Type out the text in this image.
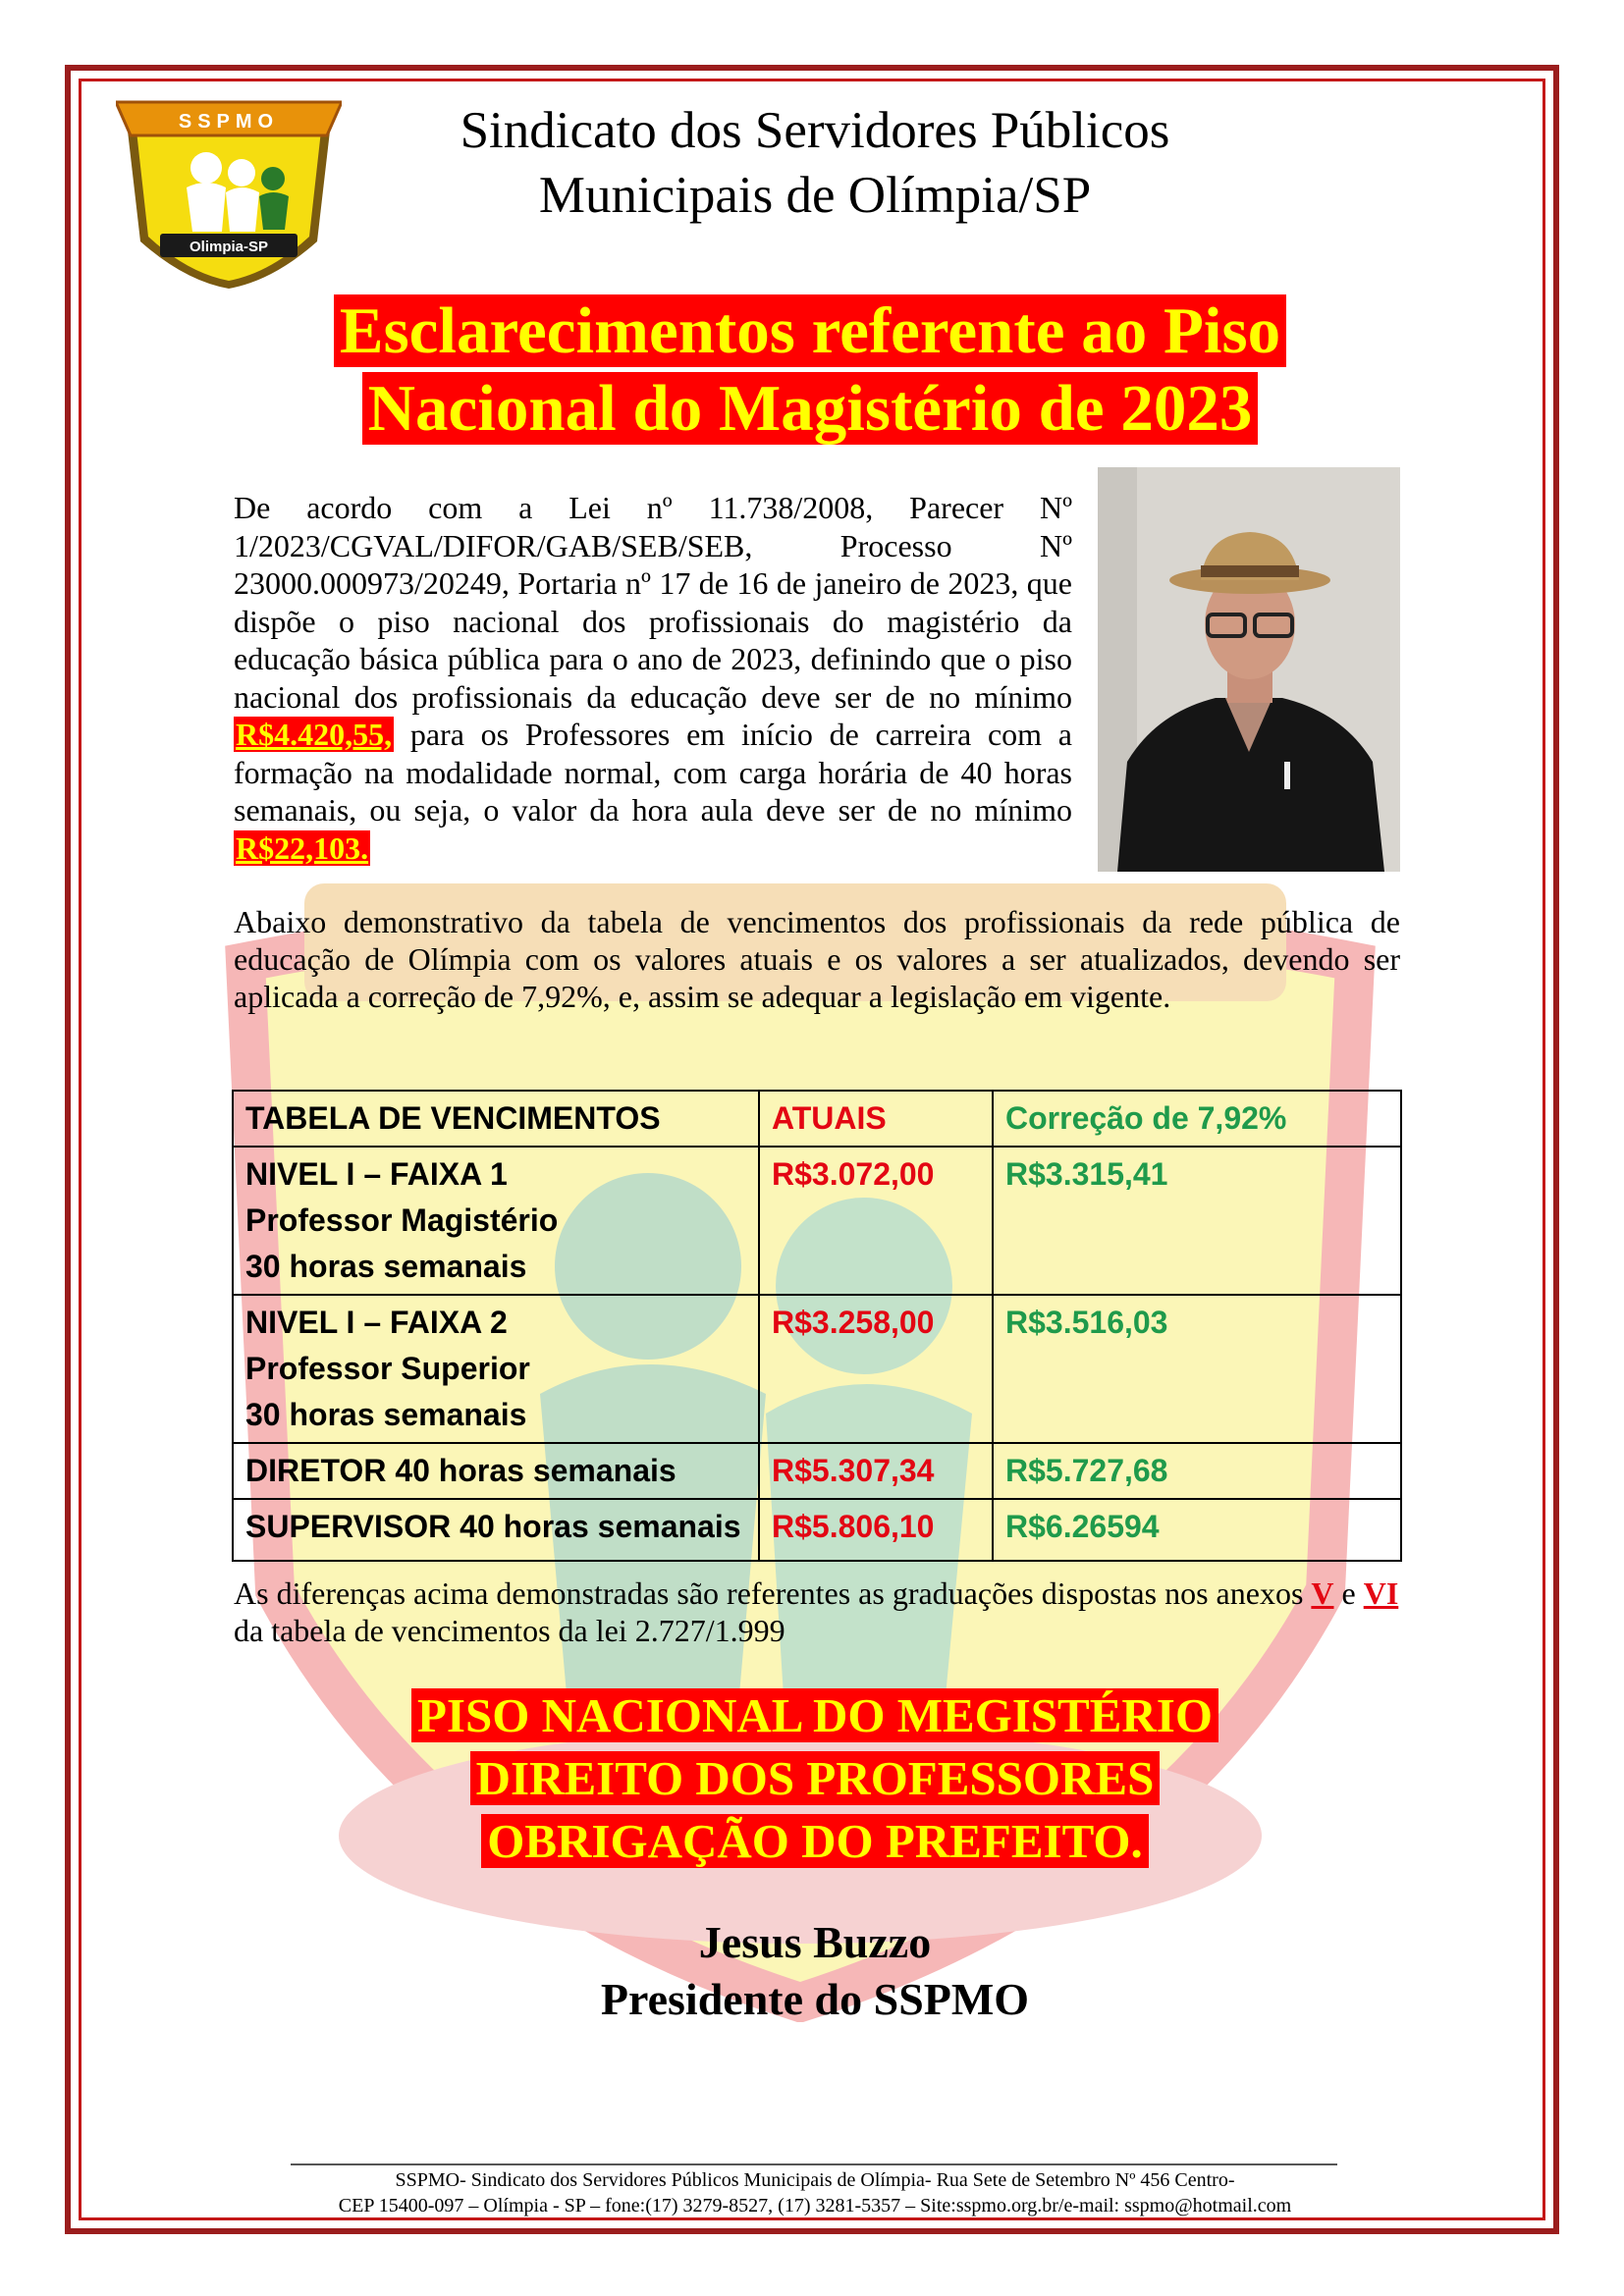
SSPMO
Olimpia-SP
Sindicato dos Servidores Públicos
Municipais de Olímpia/SP
Esclarecimentos referente ao Piso
Nacional do Magistério de 2023
De acordo com a Lei nº 11.738/2008, Parecer Nº 1/2023/CGVAL/DIFOR/GAB/SEB/SEB, Processo Nº 23000.000973/20249, Portaria nº 17 de 16 de janeiro de 2023, que dispõe o piso nacional dos profissionais do magistério da educação básica pública para o ano de 2023, definindo que o piso nacional dos profissionais da educação deve ser de no mínimo R$4.420,55, para os Professores em início de carreira com a formação na modalidade normal, com carga horária de 40 horas semanais, ou seja, o valor da hora aula deve ser de no mínimo R$22,103.
Abaixo demonstrativo da tabela de vencimentos dos profissionais da rede pública de educação de Olímpia com os valores atuais e os valores a ser atualizados, devendo ser aplicada a correção de 7,92%, e, assim se adequar a legislação em vigente.
TABELA DE VENCIMENTOS	ATUAIS	Correção de 7,92%

NIVEL I – FAIXA 1
Professor Magistério
30 horas semanais	R$3.072,00	R$3.315,41

NIVEL I – FAIXA 2
Professor Superior
30 horas semanais	R$3.258,00	R$3.516,03
DIRETOR 40 horas semanais	R$5.307,34	R$5.727,68
SUPERVISOR 40 horas semanais	R$5.806,10	R$6.26594
As diferenças acima demonstradas são referentes as graduações dispostas nos anexos V e VI da tabela de vencimentos da lei 2.727/1.999
PISO NACIONAL DO MEGISTÉRIO
DIREITO DOS PROFESSORES
OBRIGAÇÃO DO PREFEITO.
Jesus Buzzo
Presidente do SSPMO
SSPMO- Sindicato dos Servidores Públicos Municipais de Olímpia- Rua Sete de Setembro Nº 456 Centro-
CEP 15400-097 – Olímpia - SP – fone:(17) 3279-8527, (17) 3281-5357 – Site:sspmo.org.br/e-mail: sspmo@hotmail.com
